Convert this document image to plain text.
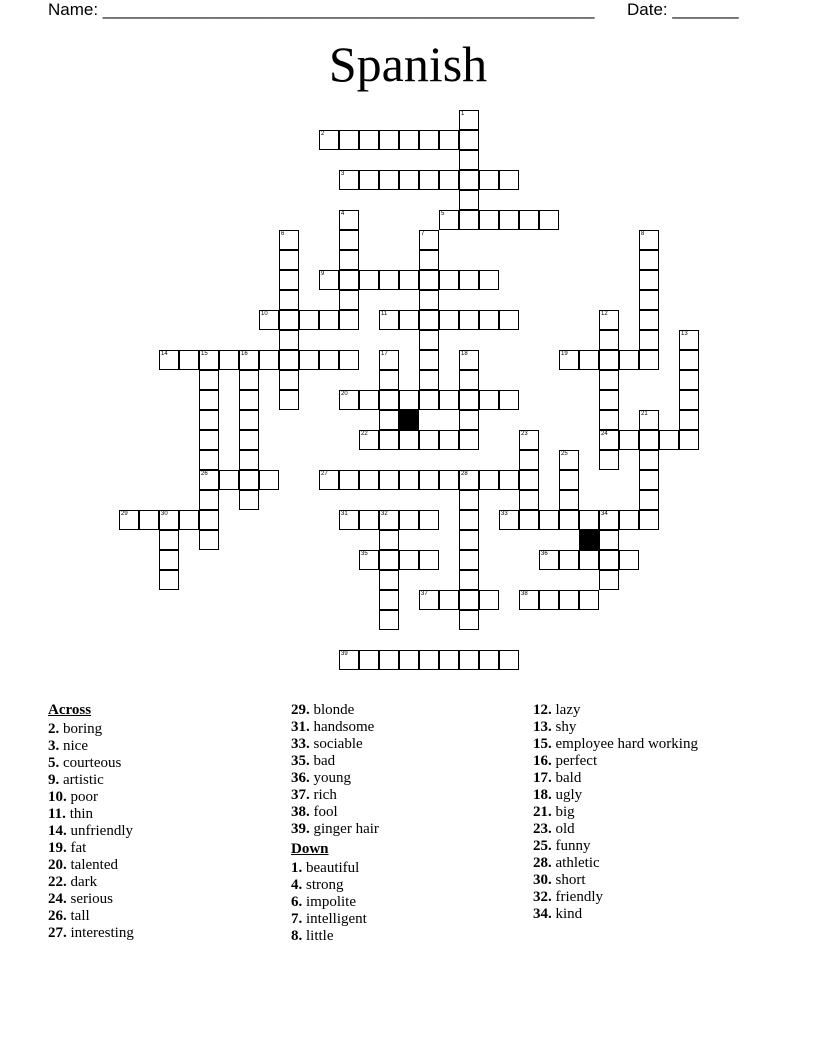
Name: ____________________________________________________ Date: _______
Spanish
1
2
3
5
4
6	7	8
9
10	11	12
13
14	15	16	17	18	19
20
22
21
24
23
25
26	27	28
29	30	31	32	33	34
35	36
37	38
39
Across
2. boring
3. nice
5. courteous
9. artistic
10. poor
11. thin
14. unfriendly
19. fat
20. talented
22. dark
24. serious
26. tall
27. interesting
29. blonde
31. handsome
33. sociable
35. bad
36. young
37. rich
38. fool
39. ginger hair
Down
1. beautiful
4. strong
6. impolite
7. intelligent
8. little
12. lazy
13. shy
15. employee hard working
16. perfect
17. bald
18. ugly
21. big
23. old
25. funny
28. athletic
30. short
32. friendly
34. kind
